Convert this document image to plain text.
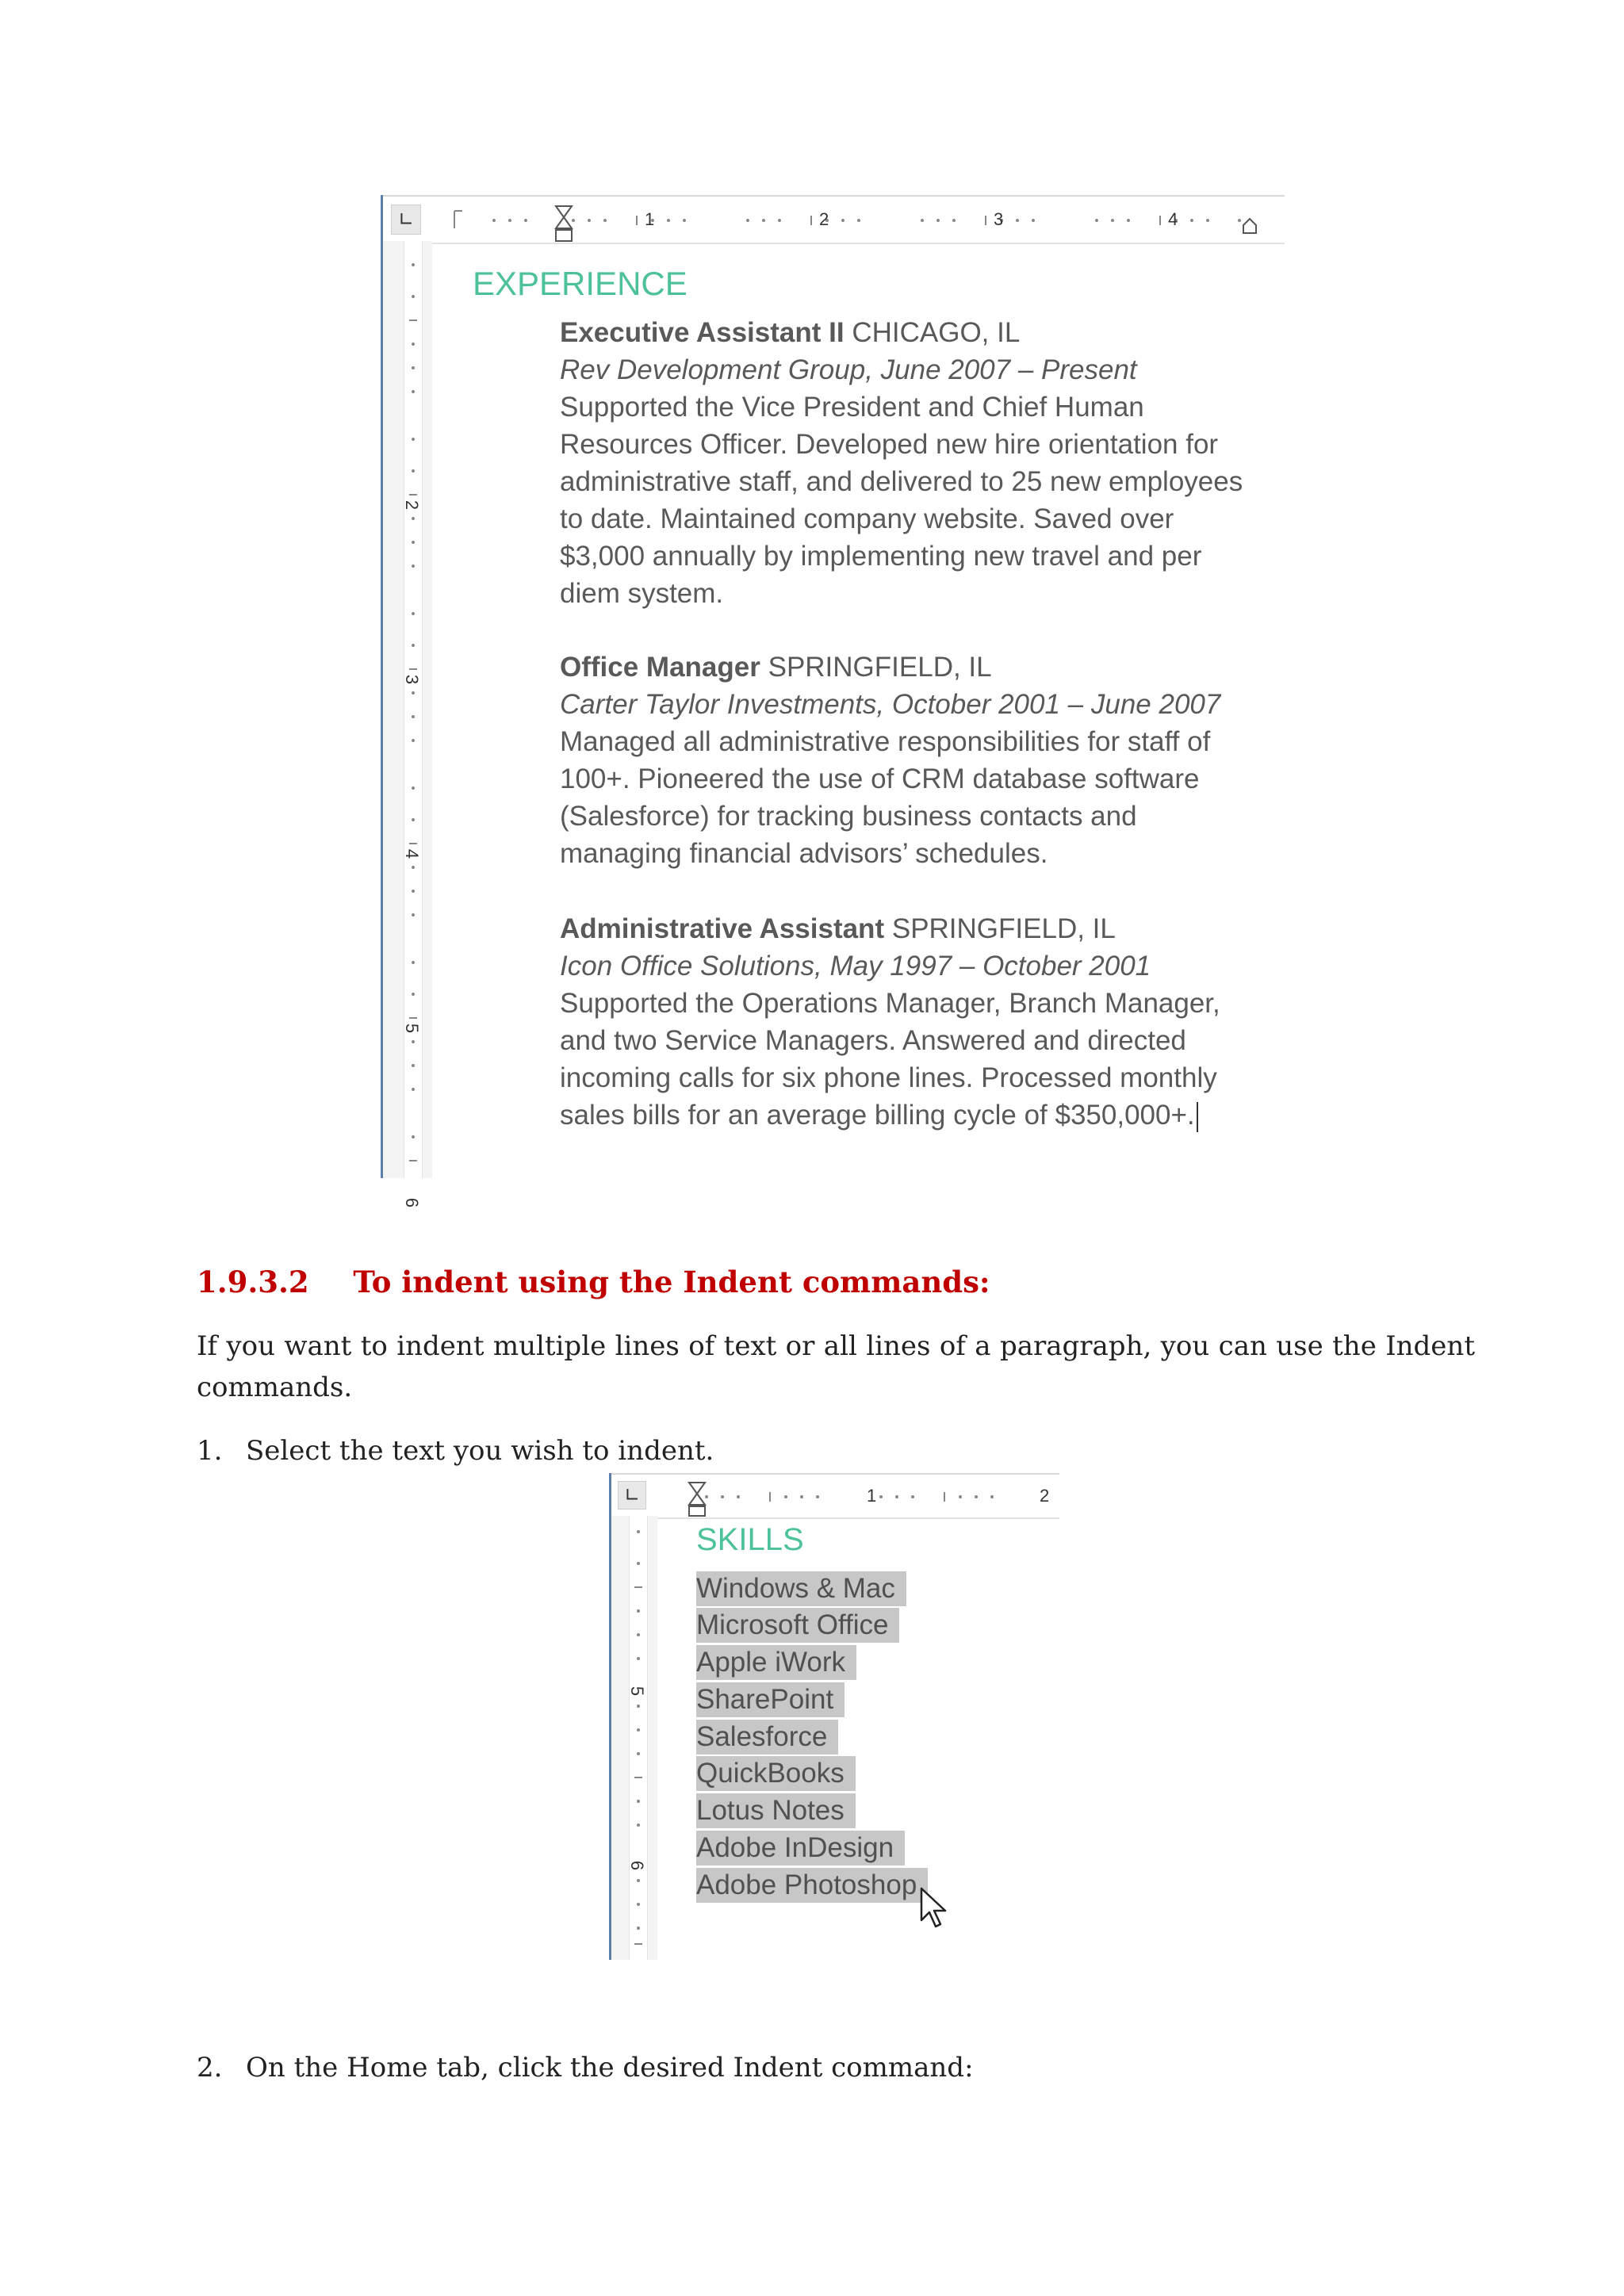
∟	1	2	3	4
2
3
4
5
6
EXPERIENCE
Executive Assistant II CHICAGO, IL
Rev Development Group, June 2007 – Present
Supported the Vice President and Chief Human
Resources Officer. Developed new hire orientation for
administrative staff, and delivered to 25 new employees
to date. Maintained company website. Saved over
$3,000 annually by implementing new travel and per
diem system.
Office Manager SPRINGFIELD, IL
Carter Taylor Investments, October 2001 – June 2007
Managed all administrative responsibilities for staff of
100+. Pioneered the use of CRM database software
(Salesforce) for tracking business contacts and
managing financial advisors’ schedules.
Administrative Assistant SPRINGFIELD, IL
Icon Office Solutions, May 1997 – October 2001
Supported the Operations Manager, Branch Manager,
and two Service Managers. Answered and directed
incoming calls for six phone lines. Processed monthly
sales bills for an average billing cycle of $350,000+.
1.9.3.2 To indent using the Indent commands:
If you want to indent multiple lines of text or all lines of a paragraph, you can use the Indent commands.
1. Select the text you wish to indent.
∟	1	2
5
6
SKILLS
Windows & Mac
Microsoft Office
Apple iWork
SharePoint
Salesforce
QuickBooks
Lotus Notes
Adobe InDesign
Adobe Photoshop
2. On the Home tab, click the desired Indent command:
